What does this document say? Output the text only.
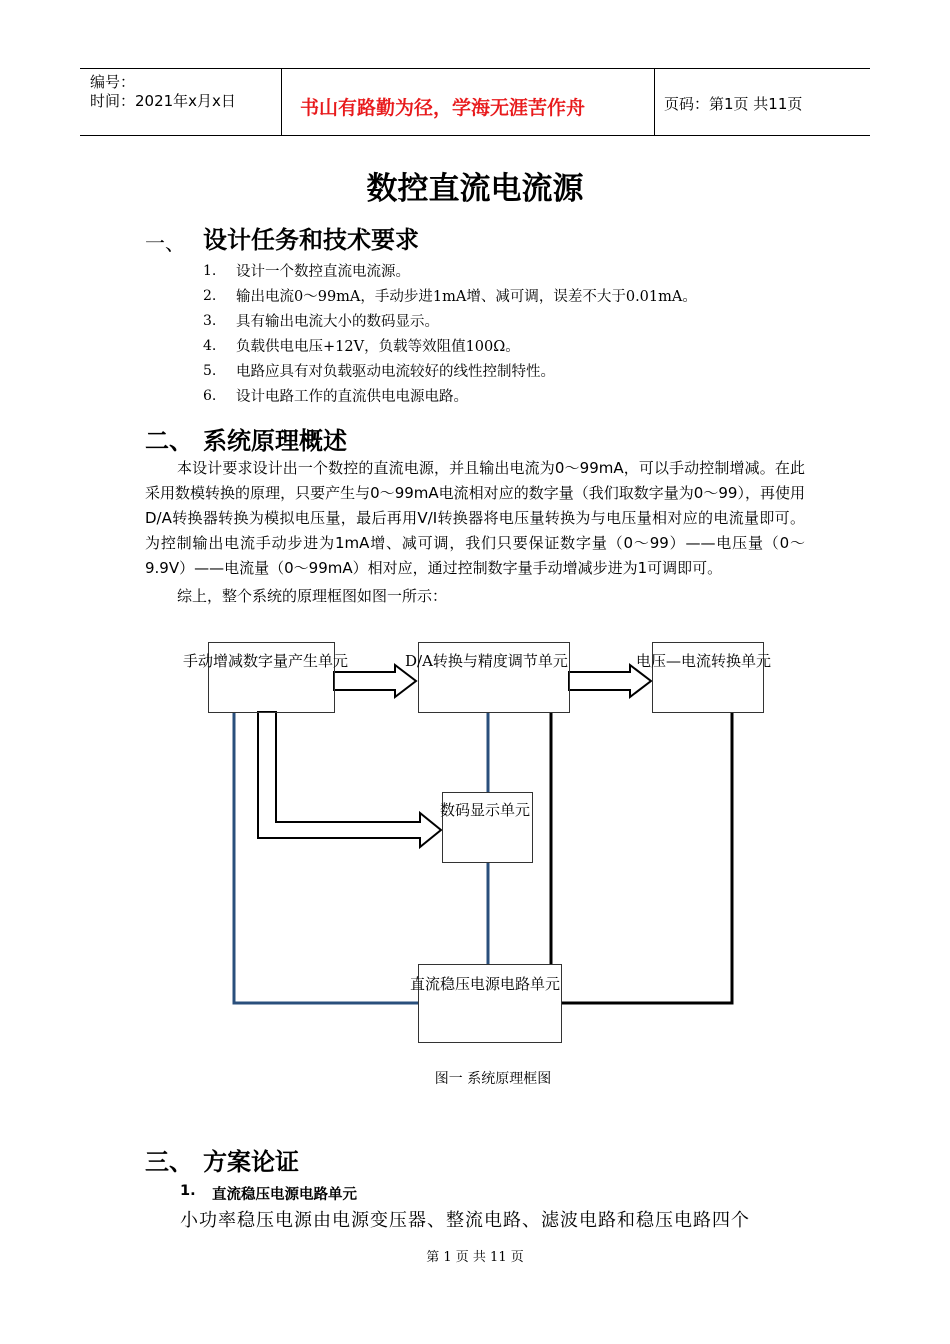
编号：
时间：2021年x月x日	书山有路勤为径，学海无涯苦作舟	页码：第1页 共11页
数控直流电流源
一、 设计任务和技术要求
1. 设计一个数控直流电流源。
2. 输出电流0～99mA，手动步进1mA增、减可调，误差不大于0.01mA。
3. 具有输出电流大小的数码显示。
4. 负载供电电压+12V，负载等效阻值100Ω。
5. 电路应具有对负载驱动电流较好的线性控制特性。
6. 设计电路工作的直流供电电源电路。
二、 系统原理概述

本设计要求设计出一个数控的直流电源，并且输出电流为0～99mA，可以手动控制增减。在此采用数模转换的原理，只要产生与0～99mA电流相对应的数字量（我们取数字量为0～99），再使用D/A转换器转换为模拟电压量，最后再用V/I转换器将电压量转换为与电压量相对应的电流量即可。为控制输出电流手动步进为1mA增、减可调，我们只要保证数字量（0～99）——电压量（0～9.9V）——电流量（0～99mA）相对应，通过控制数字量手动增减步进为1可调即可。

综上，整个系统的原理框图如图一所示：

手动增减数字量产生单元	D/A转换与精度调节单元	电压—电流转换单元
数码显示单元
直流稳压电源电路单元
图一 系统原理框图
三、 方案论证
1. 直流稳压电源电路单元
小功率稳压电源由电源变压器、整流电路、滤波电路和稳压电路四个
第 1 页 共 11 页
